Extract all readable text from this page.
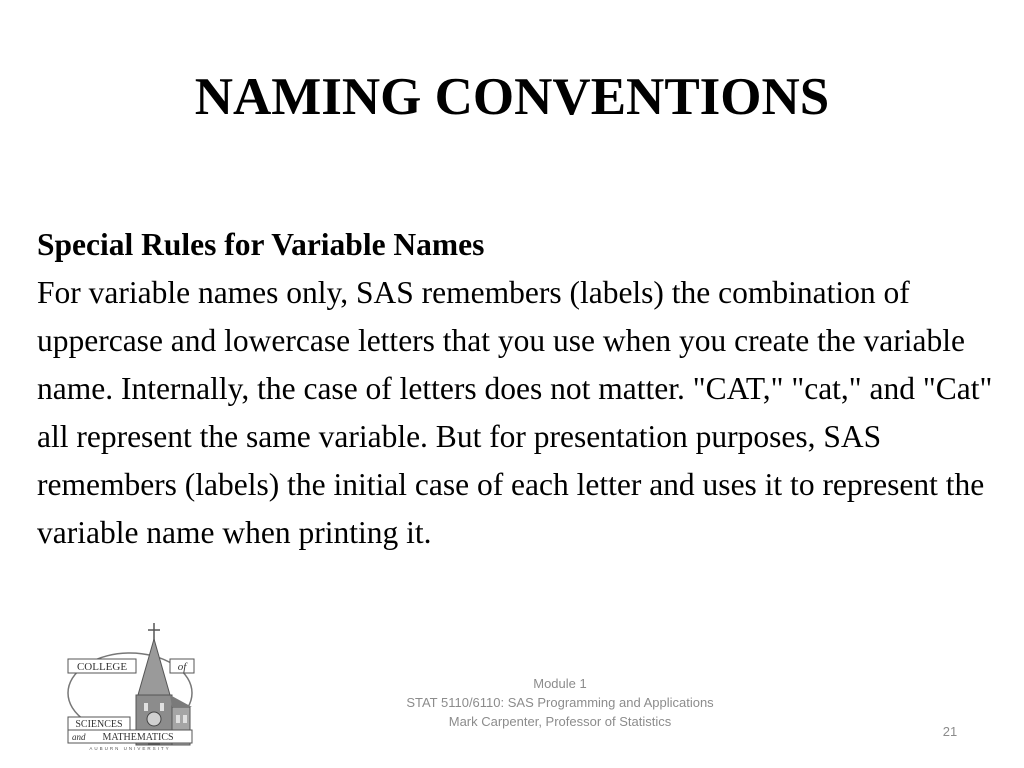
NAMING CONVENTIONS
Special Rules for Variable Names
For variable names only, SAS remembers (labels) the combination of uppercase and lowercase letters that you use when you create the variable name. Internally, the case of letters does not matter. "CAT," "cat," and "Cat" all represent the same variable. But for presentation purposes, SAS remembers (labels) the initial case of each letter and uses it to represent the variable name when printing it.
COLLEGE	of
SCIENCES
and MATHEMATICS
AUBURN UNIVERSITY
Module 1
STAT 5110/6110: SAS Programming and Applications
Mark Carpenter, Professor of Statistics
21
